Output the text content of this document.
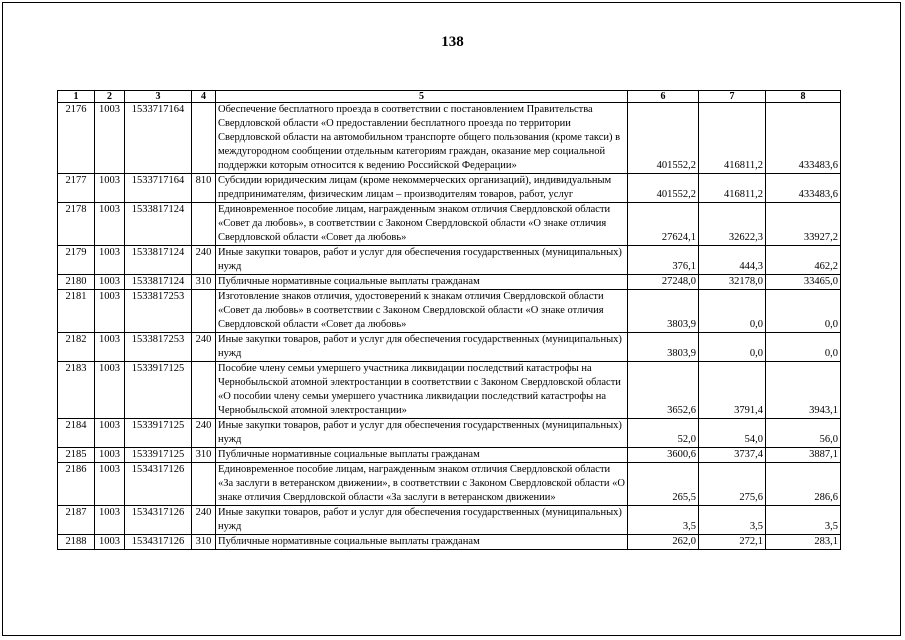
138
1	2	3	4	5	6	7	8
2176	1003	1533717164		Обеспечение бесплатного проезда в соответствии с постановлением Правительства Свердловской области «О предоставлении бесплатного проезда по территории Свердловской области на автомобильном транспорте общего пользования (кроме такси) в междугородном сообщении отдельным категориям граждан, оказание мер социальной поддержки которым относится к ведению Российской Федерации»	401552,2	416811,2	433483,6
2177	1003	1533717164	810	Субсидии юридическим лицам (кроме некоммерческих организаций), индивидуальным предпринимателям, физическим лицам – производителям товаров, работ, услуг	401552,2	416811,2	433483,6
2178	1003	1533817124		Единовременное пособие лицам, награжденным знаком отличия Свердловской области «Совет да любовь», в соответствии с Законом Свердловской области «О знаке отличия Свердловской области «Совет да любовь»	27624,1	32622,3	33927,2
2179	1003	1533817124	240	Иные закупки товаров, работ и услуг для обеспечения государственных (муниципальных) нужд	376,1	444,3	462,2
2180	1003	1533817124	310	Публичные нормативные социальные выплаты гражданам	27248,0	32178,0	33465,0
2181	1003	1533817253		Изготовление знаков отличия, удостоверений к знакам отличия Свердловской области «Совет да любовь» в соответствии с Законом Свердловской области «О знаке отличия Свердловской области «Совет да любовь»	3803,9	0,0	0,0
2182	1003	1533817253	240	Иные закупки товаров, работ и услуг для обеспечения государственных (муниципальных) нужд	3803,9	0,0	0,0
2183	1003	1533917125		Пособие члену семьи умершего участника ликвидации последствий катастрофы на Чернобыльской атомной электростанции в соответствии с Законом Свердловской области «О пособии члену семьи умершего участника ликвидации последствий катастрофы на Чернобыльской атомной электростанции»	3652,6	3791,4	3943,1
2184	1003	1533917125	240	Иные закупки товаров, работ и услуг для обеспечения государственных (муниципальных) нужд	52,0	54,0	56,0
2185	1003	1533917125	310	Публичные нормативные социальные выплаты гражданам	3600,6	3737,4	3887,1
2186	1003	1534317126		Единовременное пособие лицам, награжденным знаком отличия Свердловской области «За заслуги в ветеранском движении», в соответствии с Законом Свердловской области «О знаке отличия Свердловской области «За заслуги в ветеранском движении»	265,5	275,6	286,6
2187	1003	1534317126	240	Иные закупки товаров, работ и услуг для обеспечения государственных (муниципальных) нужд	3,5	3,5	3,5
2188	1003	1534317126	310	Публичные нормативные социальные выплаты гражданам	262,0	272,1	283,1
